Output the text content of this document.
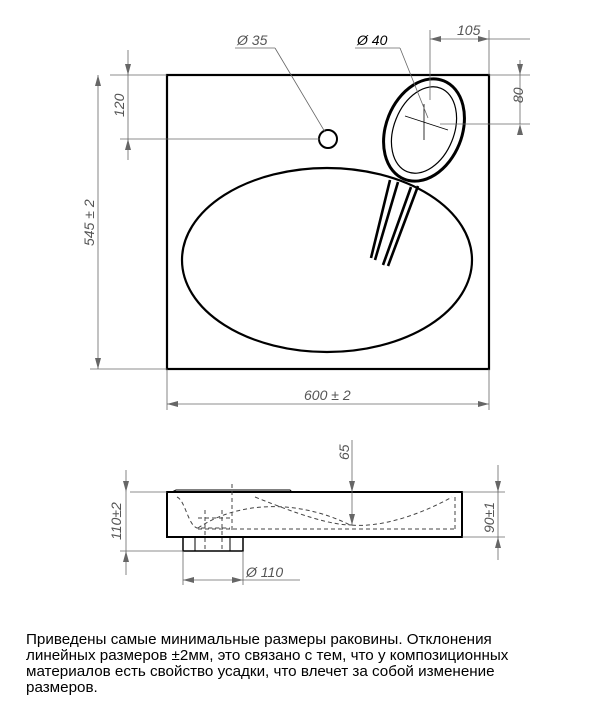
Ø 35	Ø 40
105
80
120
545 ± 2
600 ± 2
65
110±2	90±1
Ø 110
Приведены самые минимальные размеры раковины. Отклонения
линейных размеров ±2мм, это связано с тем, что у композиционных
материалов есть свойство усадки, что влечет за собой изменение
размеров.
